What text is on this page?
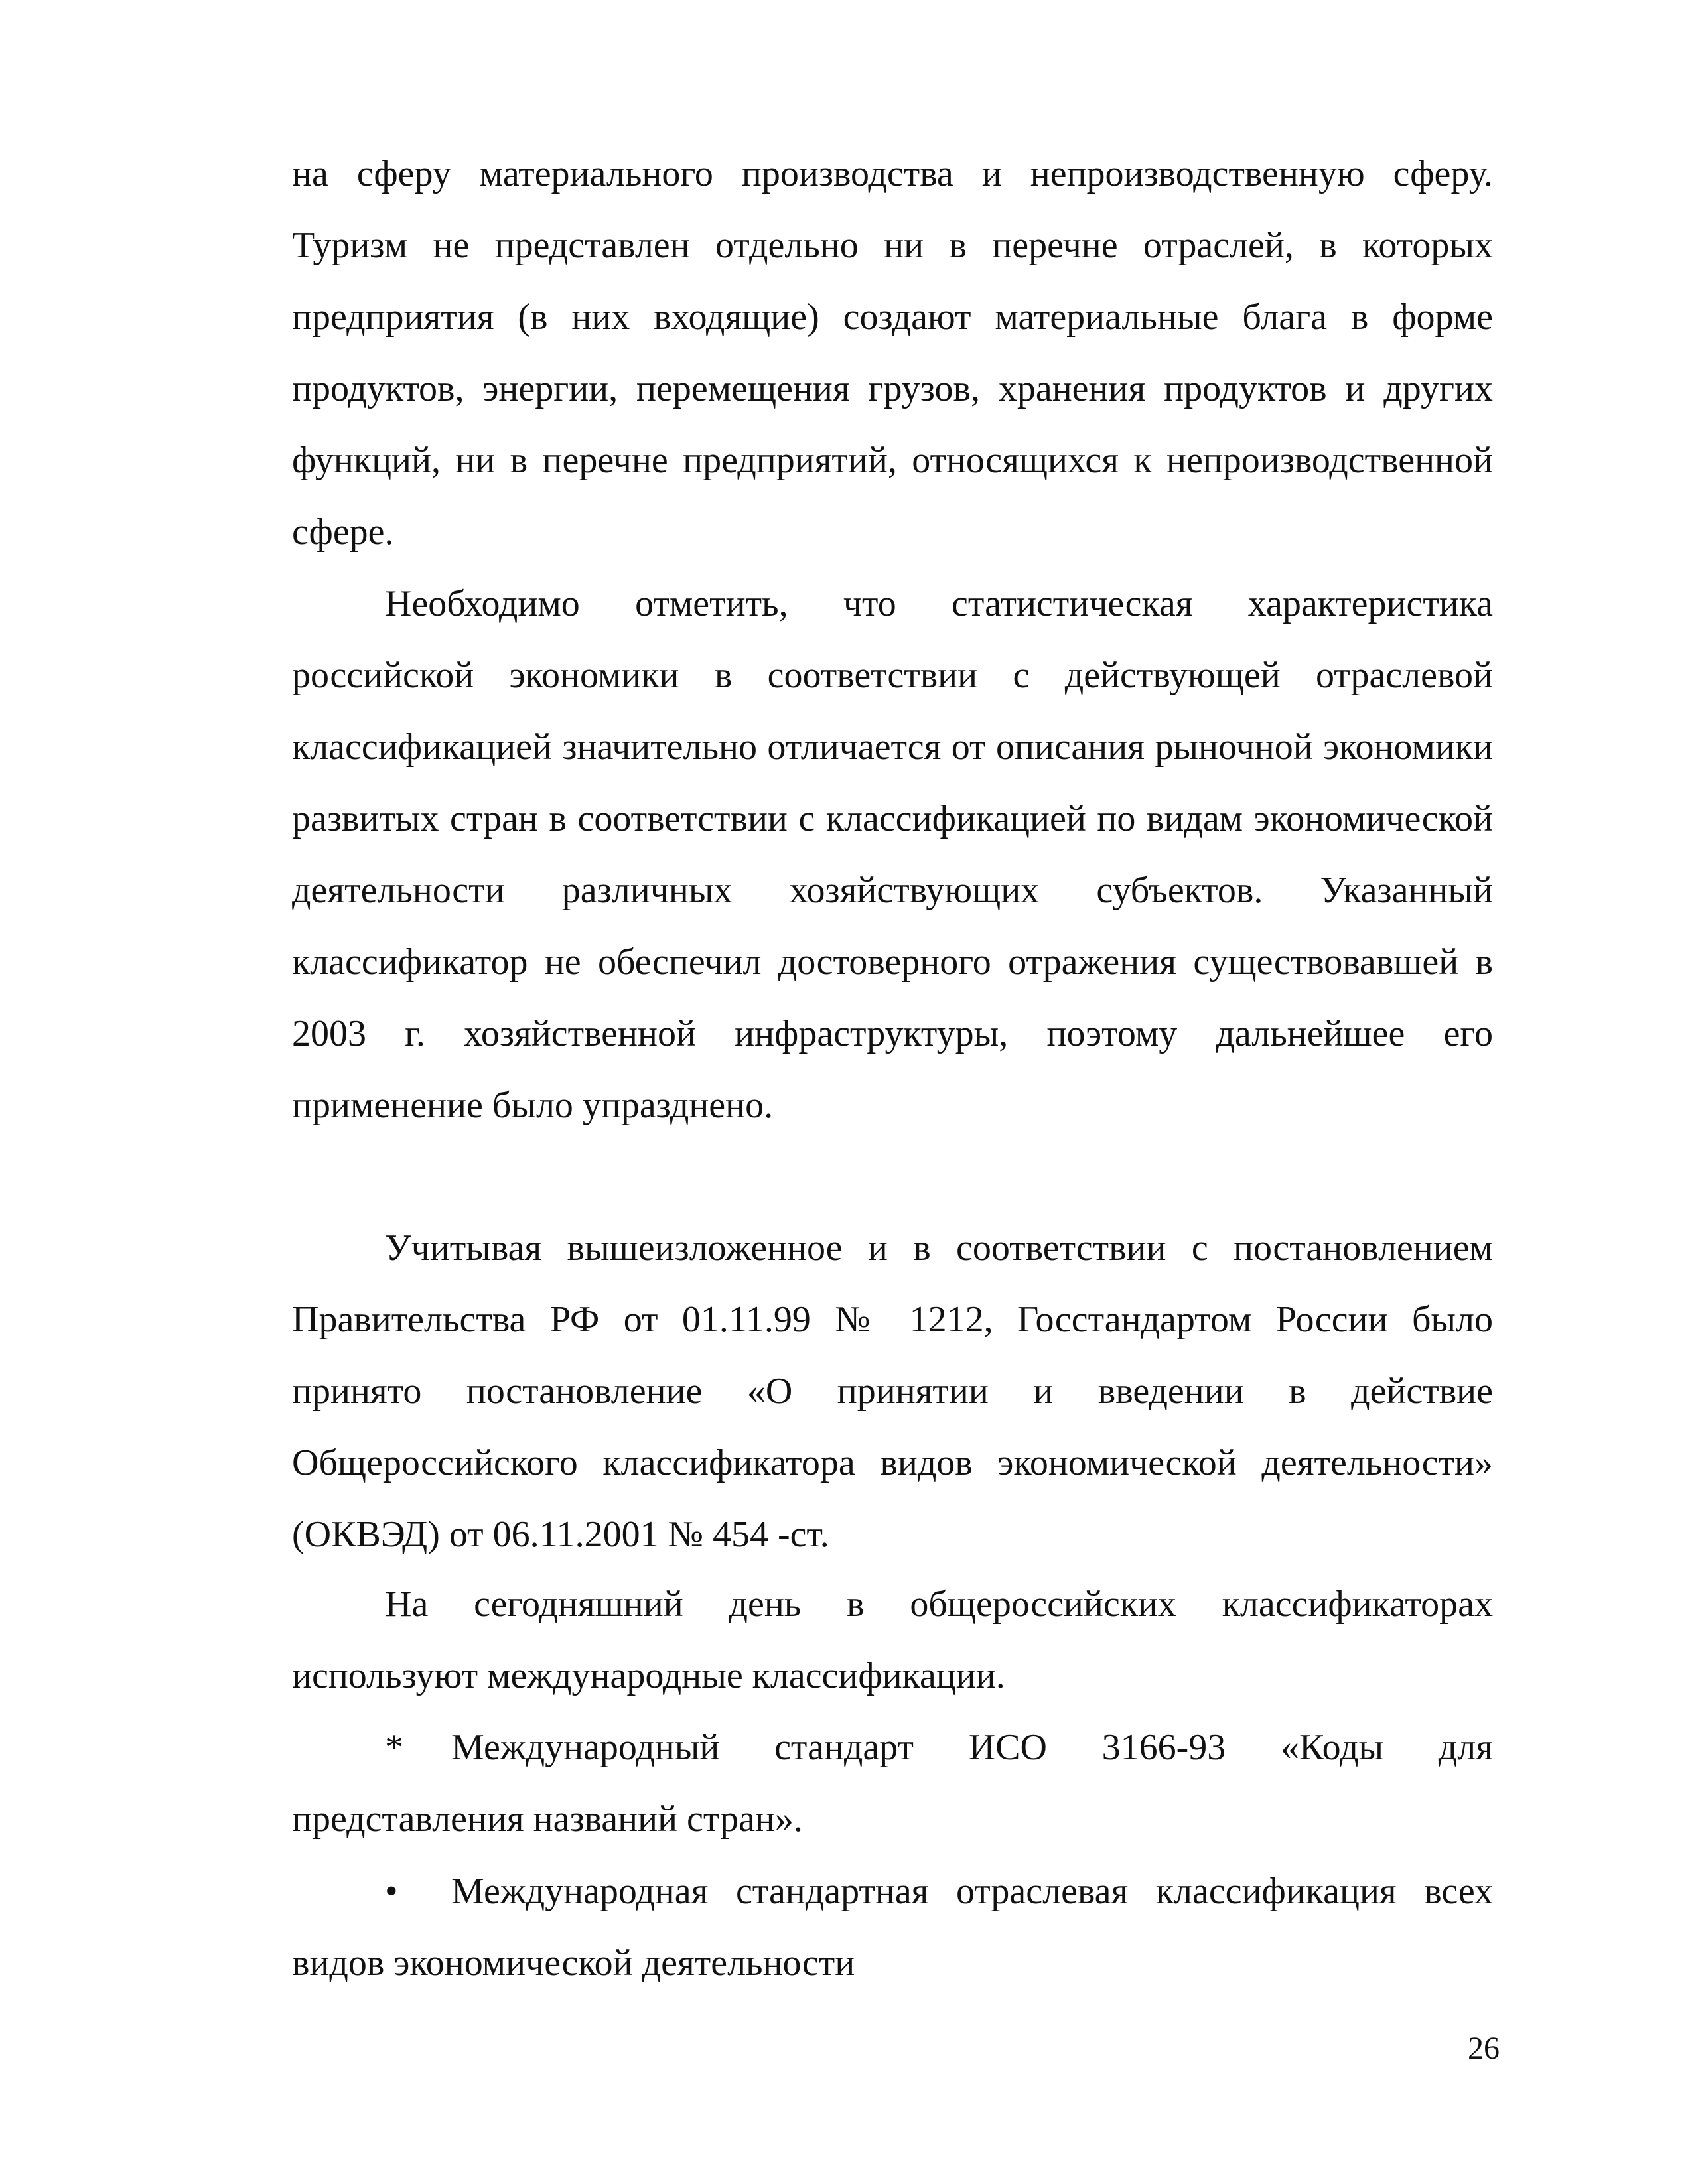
на сферу материального производства и непроизводственную сферу. Туризм не представлен отдельно ни в перечне отраслей, в которых предприятия (в них входящие) создают материальные блага в форме продуктов, энергии, перемещения грузов, хранения продуктов и других функций, ни в перечне предприятий, относящихся к непроизводственной сфере.

Необходимо отметить, что статистическая характеристика российской экономики в соответствии с действующей отраслевой классификацией значительно отличается от описания рыночной экономики развитых стран в соответствии с классификацией по видам экономической деятельности различных хозяйствующих субъектов. Указанный классификатор не обеспечил достоверного отражения существовавшей в 2003 г. хозяйственной инфраструктуры, поэтому дальнейшее его применение было упразднено.

Учитывая вышеизложенное и в соответствии с постановлением Правительства РФ от 01.11.99 № 1212, Госстандартом России было принято постановление «О принятии и введении в действие Общероссийского классификатора видов экономической деятельности» (ОКВЭД) от 06.11.2001 № 454 -ст.

На сегодняшний день в общероссийских классификаторах используют международные классификации.

* Международный стандарт ИСО 3166-93 «Коды для представления названий стран».

• Международная стандартная отраслевая классификация всех видов экономической деятельности

26
